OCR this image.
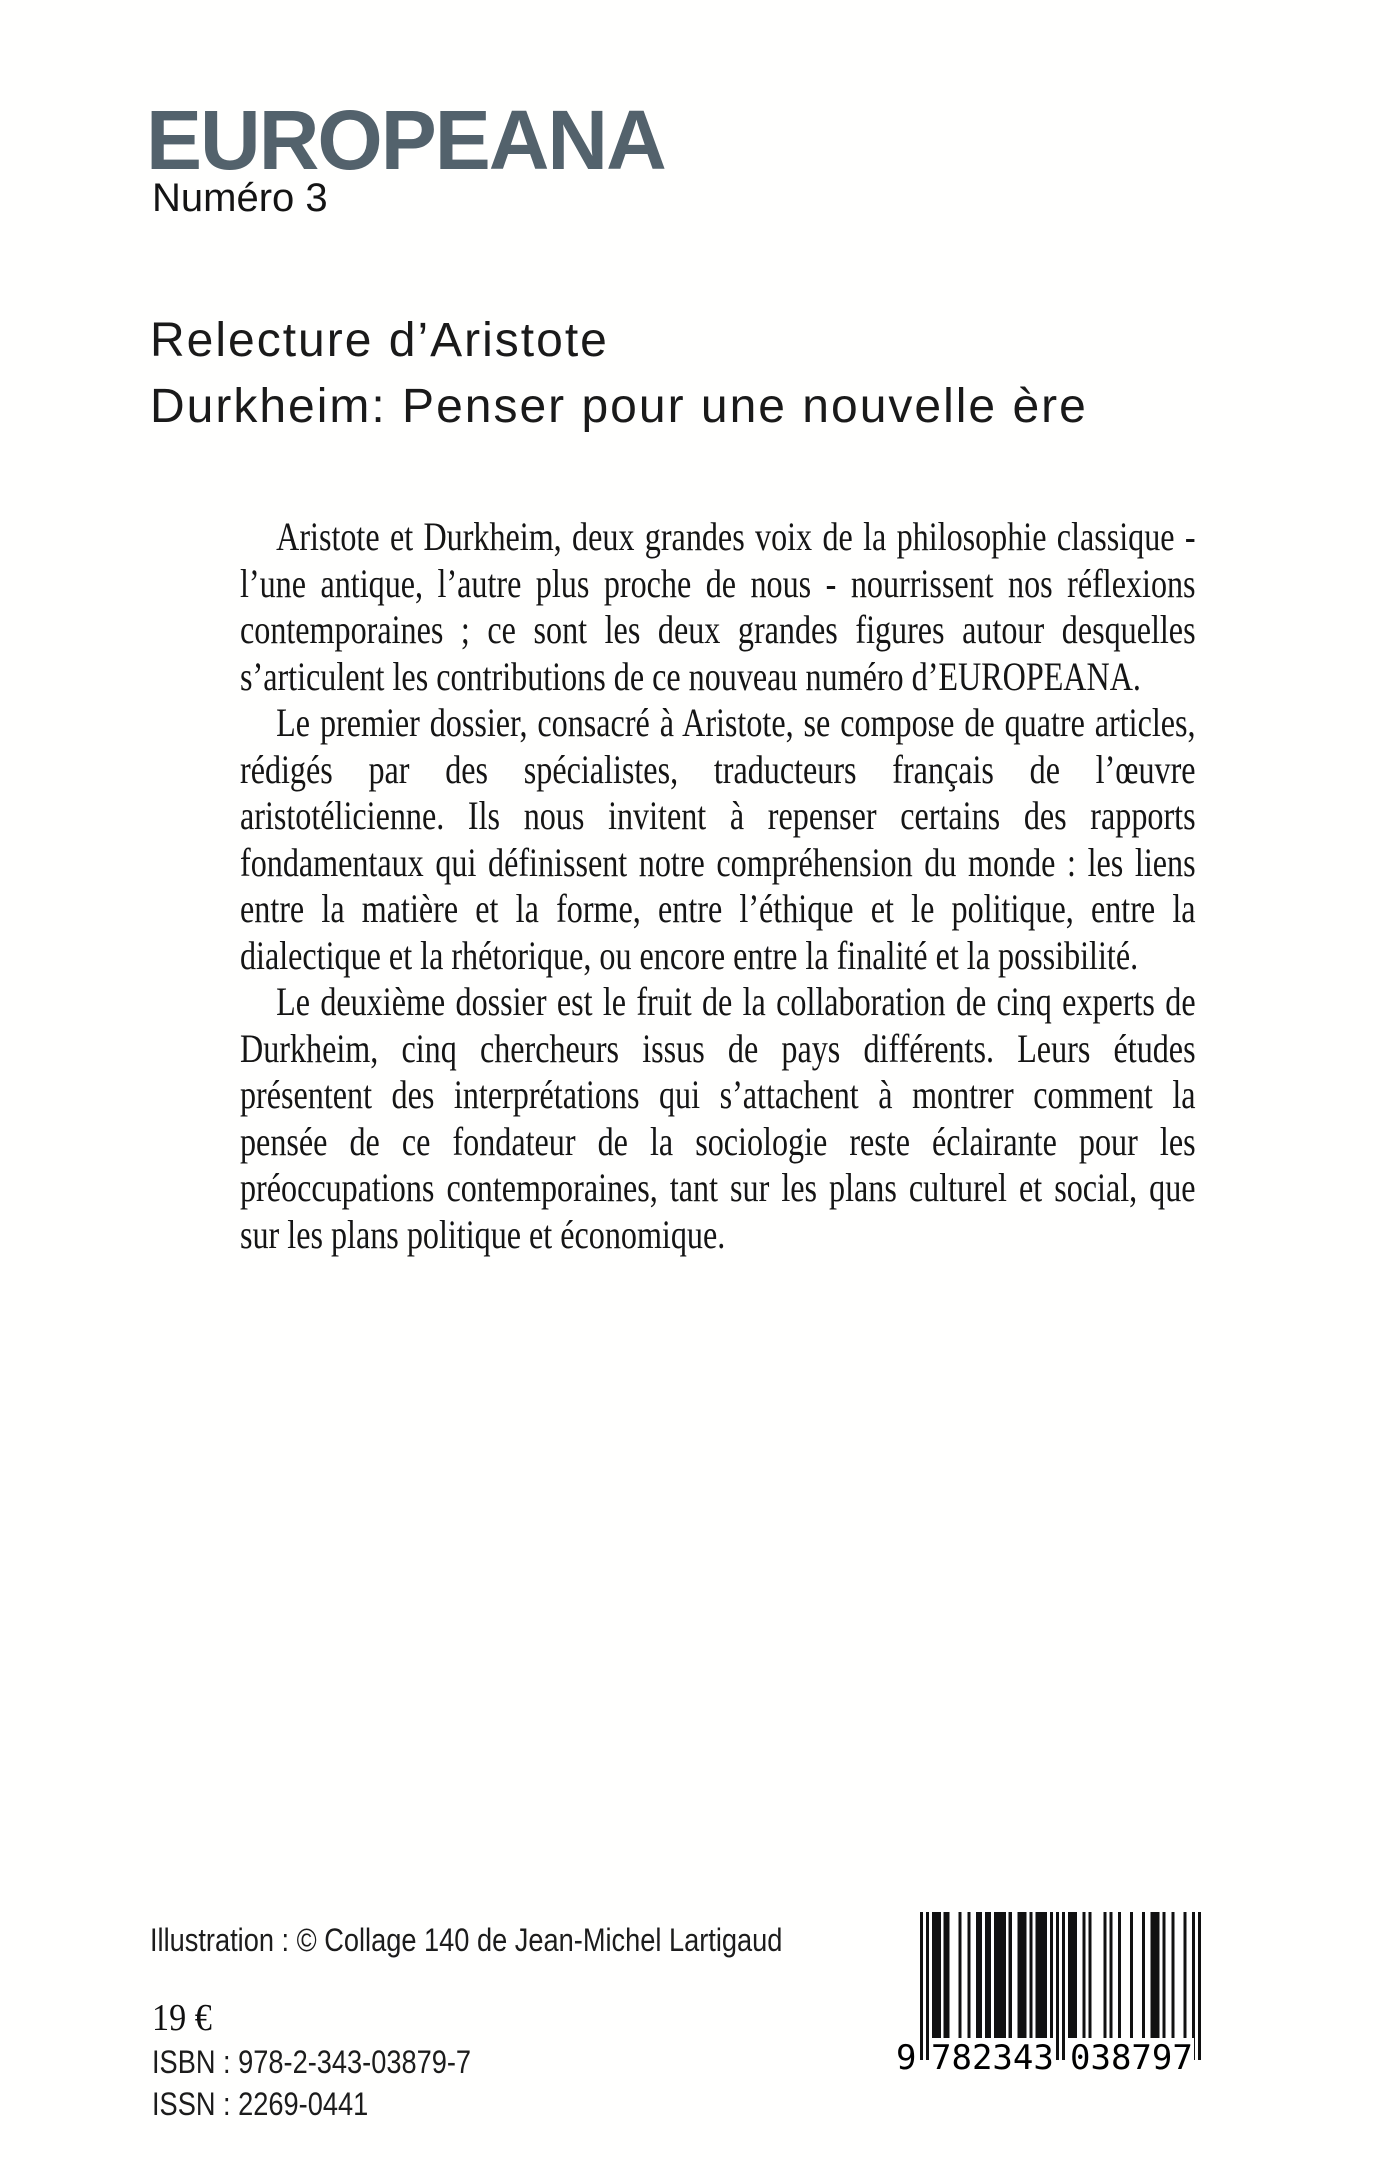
EUROPEANA
Numéro 3
Relecture d’Aristote
Durkheim: Penser pour une nouvelle ère

Aristote et Durkheim, deux grandes voix de la philosophie classique - l’une antique, l’autre plus proche de nous - nourrissent nos réflexions contemporaines ; ce sont les deux grandes figures autour desquelles s’articulent les contributions de ce nouveau numéro d’EUROPEANA.

Le premier dossier, consacré à Aristote, se compose de quatre articles, rédigés par des spécialistes, traducteurs français de l’œuvre aristotélicienne. Ils nous invitent à repenser certains des rapports fondamentaux qui définissent notre compréhension du monde : les liens entre la matière et la forme, entre l’éthique et le politique, entre la dialectique et la rhétorique, ou encore entre la finalité et la possibilité.

Le deuxième dossier est le fruit de la collaboration de cinq experts de Durkheim, cinq chercheurs issus de pays différents. Leurs études présentent des interprétations qui s’attachent à montrer comment la pensée de ce fondateur de la sociologie reste éclairante pour les préoccupations contemporaines, tant sur les plans culturel et social, que sur les plans politique et économique.

Illustration : © Collage 140 de Jean-Michel Lartigaud
19 €
ISBN : 978-2-343-03879-7
ISSN : 2269-0441
9 782343 038797
